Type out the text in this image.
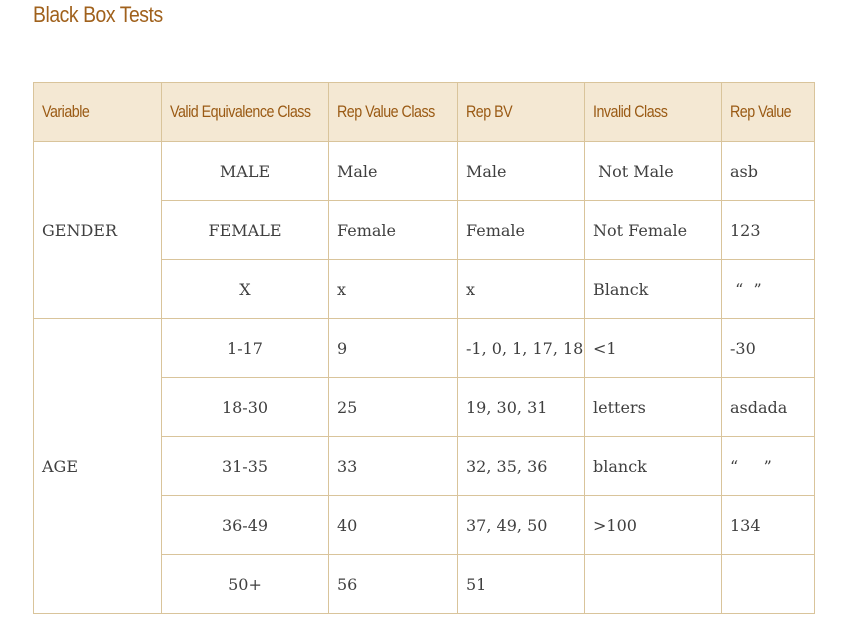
Black Box Tests
Variable	Valid Equivalence Class	Rep Value Class	Rep BV	Invalid Class	Rep Value
GENDER	MALE	Male	Male	Not Male	asb
	FEMALE	Female	Female	Not Female	123
	X	x	x	Blanck	“  ”
AGE	1-17	9	-1, 0, 1, 17, 18	<1	-30
	18-30	25	19, 30, 31	letters	asdada
	31-35	33	32, 35, 36	blanck	“     ”
	36-49	40	37, 49, 50	>100	134
	50+	56	51		
